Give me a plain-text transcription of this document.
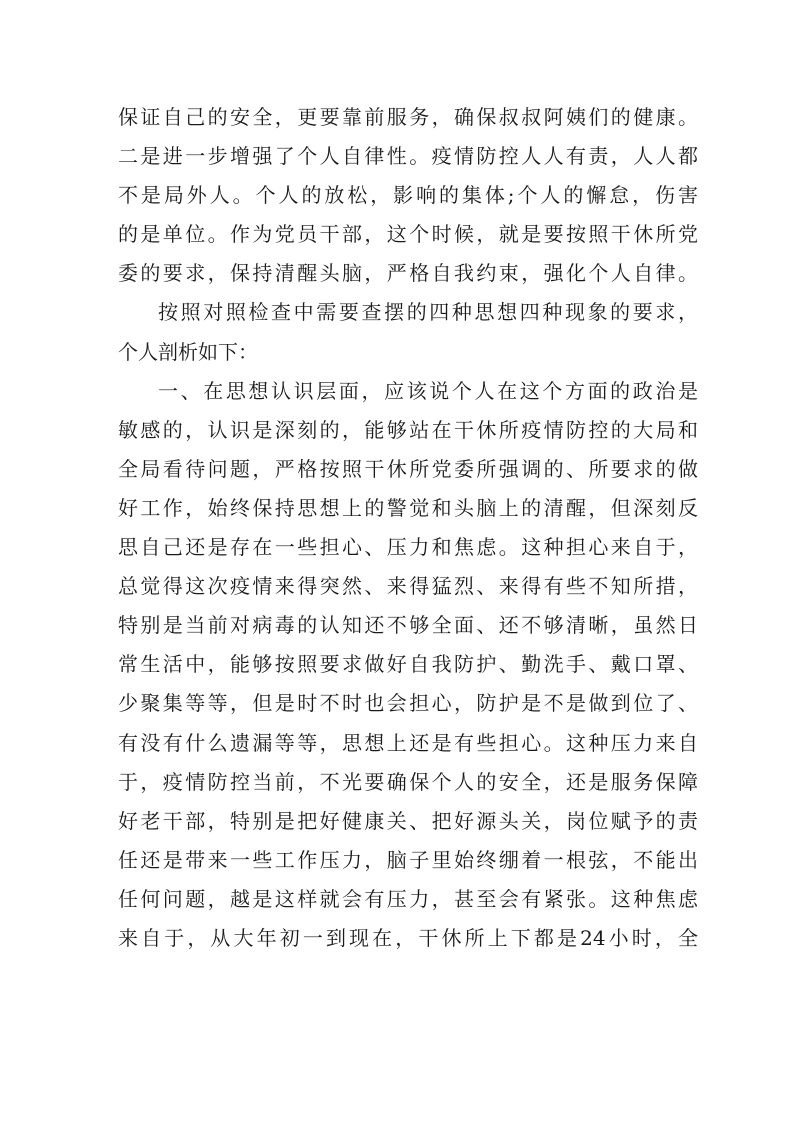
保证自己的安全，更要靠前服务，确保叔叔阿姨们的健康。
二是进一步增强了个人自律性。疫情防控人人有责，人人都
不是局外人。个人的放松，影响的集体;个人的懈怠，伤害
的是单位。作为党员干部，这个时候，就是要按照干休所党
委的要求，保持清醒头脑，严格自我约束，强化个人自律。
按照对照检查中需要查摆的四种思想四种现象的要求，
个人剖析如下：
一、在思想认识层面，应该说个人在这个方面的政治是
敏感的，认识是深刻的，能够站在干休所疫情防控的大局和
全局看待问题，严格按照干休所党委所强调的、所要求的做
好工作，始终保持思想上的警觉和头脑上的清醒，但深刻反
思自己还是存在一些担心、压力和焦虑。这种担心来自于，
总觉得这次疫情来得突然、来得猛烈、来得有些不知所措，
特别是当前对病毒的认知还不够全面、还不够清晰，虽然日
常生活中，能够按照要求做好自我防护、勤洗手、戴口罩、
少聚集等等，但是时不时也会担心，防护是不是做到位了、
有没有什么遗漏等等，思想上还是有些担心。这种压力来自
于，疫情防控当前，不光要确保个人的安全，还是服务保障
好老干部，特别是把好健康关、把好源头关，岗位赋予的责
任还是带来一些工作压力，脑子里始终绷着一根弦，不能出
任何问题，越是这样就会有压力，甚至会有紧张。这种焦虑
来自于，从大年初一到现在，干休所上下都是24小时，全
